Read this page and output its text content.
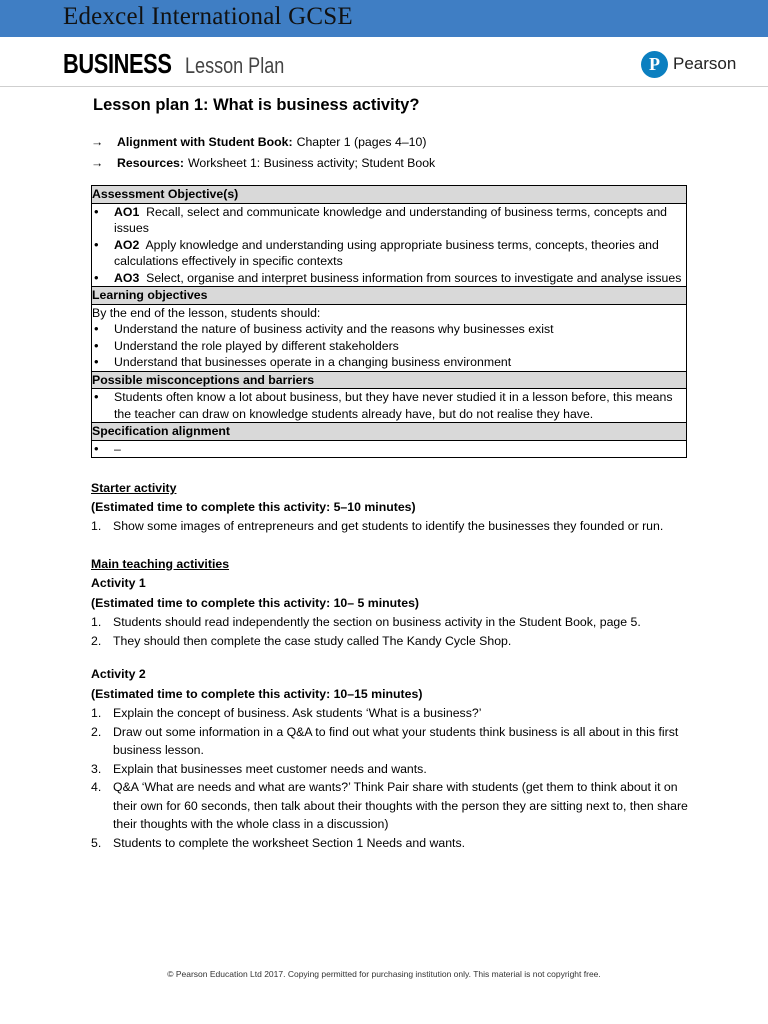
Edexcel International GCSE
BUSINESS Lesson Plan	P Pearson
Lesson plan 1: What is business activity?
→	Alignment with Student Book: Chapter 1 (pages 4–10)
→	Resources: Worksheet 1: Business activity; Student Book
Assessment Objective(s)

• AO1 Recall, select and communicate knowledge and understanding of business terms, concepts and issues
• AO2 Apply knowledge and understanding using appropriate business terms, concepts, theories and calculations effectively in specific contexts
• AO3 Select, organise and interpret business information from sources to investigate and analyse issues

Learning objectives

By the end of the lesson, students should:
• Understand the nature of business activity and the reasons why businesses exist
• Understand the role played by different stakeholders
• Understand that businesses operate in a changing business environment

Possible misconceptions and barriers

• Students often know a lot about business, but they have never studied it in a lesson before, this means the teacher can draw on knowledge students already have, but do not realise they have.

Specification alignment

• –
Starter activity
(Estimated time to complete this activity: 5–10 minutes)
1. Show some images of entrepreneurs and get students to identify the businesses they founded or run.
Main teaching activities
Activity 1
(Estimated time to complete this activity: 10– 5 minutes)
1. Students should read independently the section on business activity in the Student Book, page 5.
2. They should then complete the case study called The Kandy Cycle Shop.
Activity 2
(Estimated time to complete this activity: 10–15 minutes)
1. Explain the concept of business. Ask students ‘What is a business?’
2. Draw out some information in a Q&A to find out what your students think business is all about in this first business lesson.
3. Explain that businesses meet customer needs and wants.
4. Q&A ‘What are needs and what are wants?’ Think Pair share with students (get them to think about it on their own for 60 seconds, then talk about their thoughts with the person they are sitting next to, then share their thoughts with the whole class in a discussion)
5. Students to complete the worksheet Section 1 Needs and wants.
© Pearson Education Ltd 2017. Copying permitted for purchasing institution only. This material is not copyright free.
